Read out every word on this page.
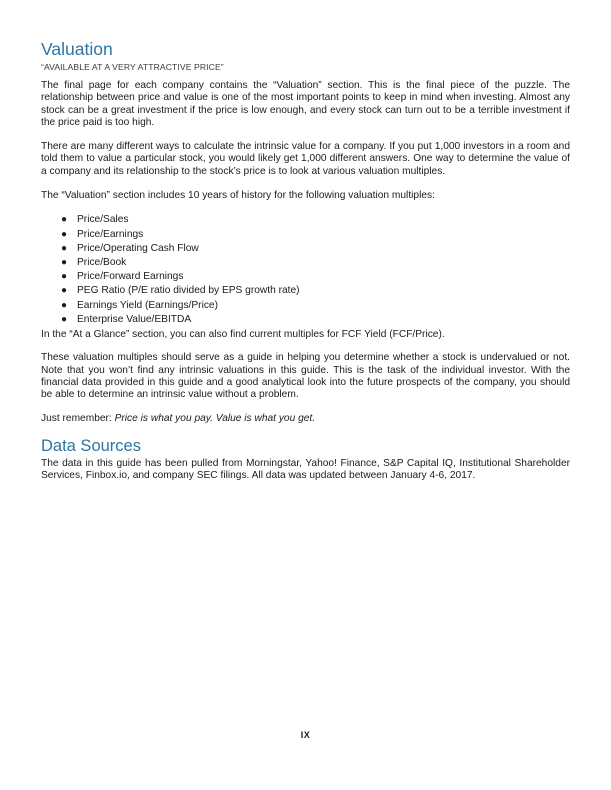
Valuation
“AVAILABLE AT A VERY ATTRACTIVE PRICE”

The final page for each company contains the “Valuation” section. This is the final piece of the puzzle. The relationship between price and value is one of the most important points to keep in mind when investing. Almost any stock can be a great investment if the price is low enough, and every stock can turn out to be a terrible investment if the price paid is too high.

There are many different ways to calculate the intrinsic value for a company. If you put 1,000 investors in a room and told them to value a particular stock, you would likely get 1,000 different answers. One way to determine the value of a company and its relationship to the stock’s price is to look at various valuation multiples.

The “Valuation” section includes 10 years of history for the following valuation multiples:

● Price/Sales
● Price/Earnings
● Price/Operating Cash Flow
● Price/Book
● Price/Forward Earnings
● PEG Ratio (P/E ratio divided by EPS growth rate)
● Earnings Yield (Earnings/Price)
● Enterprise Value/EBITDA

In the “At a Glance” section, you can also find current multiples for FCF Yield (FCF/Price).

These valuation multiples should serve as a guide in helping you determine whether a stock is undervalued or not. Note that you won’t find any intrinsic valuations in this guide. This is the task of the individual investor. With the financial data provided in this guide and a good analytical look into the future prospects of the company, you should be able to determine an intrinsic value without a problem.

Just remember: Price is what you pay. Value is what you get.

Data Sources

The data in this guide has been pulled from Morningstar, Yahoo! Finance, S&P Capital IQ, Institutional Shareholder Services, Finbox.io, and company SEC filings. All data was updated between January 4-6, 2017.

IX
